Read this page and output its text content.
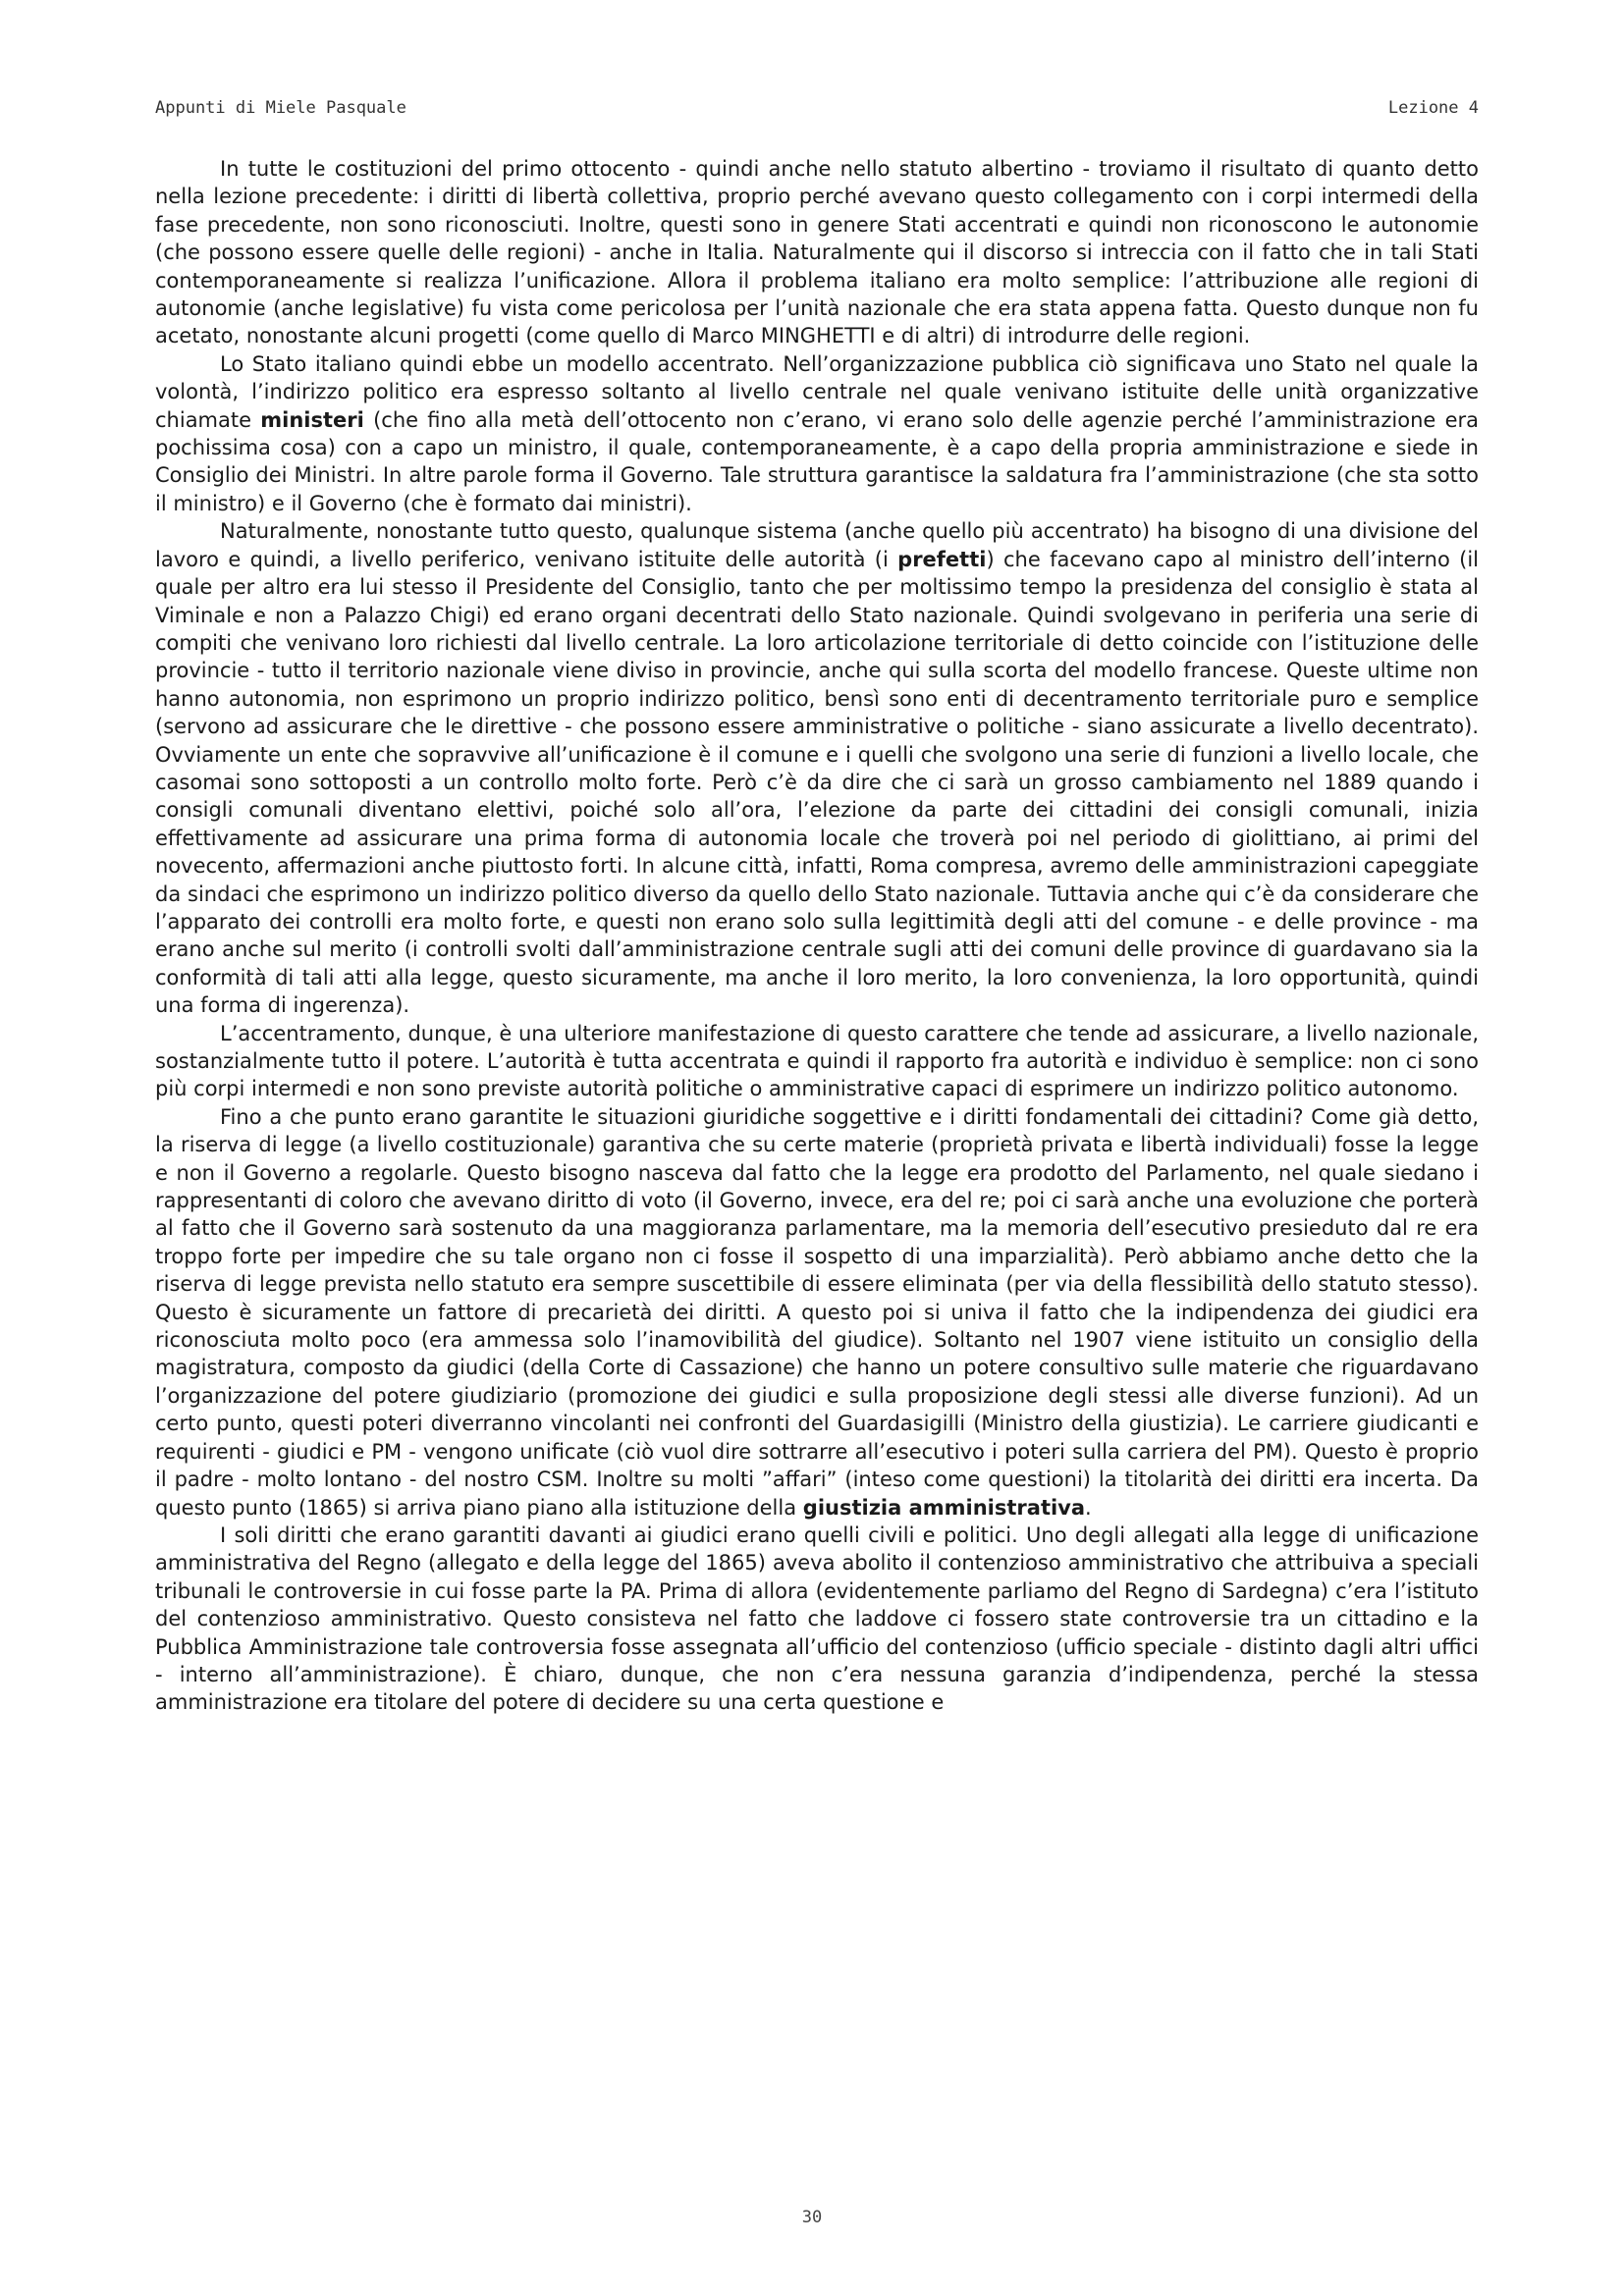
Appunti di Miele Pasquale	Lezione 4

In tutte le costituzioni del primo ottocento - quindi anche nello statuto albertino - troviamo il risultato di quanto detto nella lezione precedente: i diritti di libertà collettiva, proprio perché avevano questo collegamento con i corpi intermedi della fase precedente, non sono riconosciuti. Inoltre, questi sono in genere Stati accentrati e quindi non riconoscono le autonomie (che possono essere quelle delle regioni) - anche in Italia. Naturalmente qui il discorso si intreccia con il fatto che in tali Stati contemporaneamente si realizza l’unificazione. Allora il problema italiano era molto semplice: l’attribuzione alle regioni di autonomie (anche legislative) fu vista come pericolosa per l’unità nazionale che era stata appena fatta. Questo dunque non fu acetato, nonostante alcuni progetti (come quello di Marco MINGHETTI e di altri) di introdurre delle regioni.

Lo Stato italiano quindi ebbe un modello accentrato. Nell’organizzazione pubblica ciò significava uno Stato nel quale la volontà, l’indirizzo politico era espresso soltanto al livello centrale nel quale venivano istituite delle unità organizzative chiamate ministeri (che fino alla metà dell’ottocento non c’erano, vi erano solo delle agenzie perché l’amministrazione era pochissima cosa) con a capo un ministro, il quale, contemporaneamente, è a capo della propria amministrazione e siede in Consiglio dei Ministri. In altre parole forma il Governo. Tale struttura garantisce la saldatura fra l’amministrazione (che sta sotto il ministro) e il Governo (che è formato dai ministri).

Naturalmente, nonostante tutto questo, qualunque sistema (anche quello più accentrato) ha bisogno di una divisione del lavoro e quindi, a livello periferico, venivano istituite delle autorità (i prefetti) che facevano capo al ministro dell’interno (il quale per altro era lui stesso il Presidente del Consiglio, tanto che per moltissimo tempo la presidenza del consiglio è stata al Viminale e non a Palazzo Chigi) ed erano organi decentrati dello Stato nazionale. Quindi svolgevano in periferia una serie di compiti che venivano loro richiesti dal livello centrale. La loro articolazione territoriale di detto coincide con l’istituzione delle provincie - tutto il territorio nazionale viene diviso in provincie, anche qui sulla scorta del modello francese. Queste ultime non hanno autonomia, non esprimono un proprio indirizzo politico, bensì sono enti di decentramento territoriale puro e semplice (servono ad assicurare che le direttive - che possono essere amministrative o politiche - siano assicurate a livello decentrato). Ovviamente un ente che sopravvive all’unificazione è il comune e i quelli che svolgono una serie di funzioni a livello locale, che casomai sono sottoposti a un controllo molto forte. Però c’è da dire che ci sarà un grosso cambiamento nel 1889 quando i consigli comunali diventano elettivi, poiché solo all’ora, l’elezione da parte dei cittadini dei consigli comunali, inizia effettivamente ad assicurare una prima forma di autonomia locale che troverà poi nel periodo di giolittiano, ai primi del novecento, affermazioni anche piuttosto forti. In alcune città, infatti, Roma compresa, avremo delle amministrazioni capeggiate da sindaci che esprimono un indirizzo politico diverso da quello dello Stato nazionale. Tuttavia anche qui c’è da considerare che l’apparato dei controlli era molto forte, e questi non erano solo sulla legittimità degli atti del comune - e delle province - ma erano anche sul merito (i controlli svolti dall’amministrazione centrale sugli atti dei comuni delle province di guardavano sia la conformità di tali atti alla legge, questo sicuramente, ma anche il loro merito, la loro convenienza, la loro opportunità, quindi una forma di ingerenza).

L’accentramento, dunque, è una ulteriore manifestazione di questo carattere che tende ad assicurare, a livello nazionale, sostanzialmente tutto il potere. L’autorità è tutta accentrata e quindi il rapporto fra autorità e individuo è semplice: non ci sono più corpi intermedi e non sono previste autorità politiche o amministrative capaci di esprimere un indirizzo politico autonomo.

Fino a che punto erano garantite le situazioni giuridiche soggettive e i diritti fondamentali dei cittadini? Come già detto, la riserva di legge (a livello costituzionale) garantiva che su certe materie (proprietà privata e libertà individuali) fosse la legge e non il Governo a regolarle. Questo bisogno nasceva dal fatto che la legge era prodotto del Parlamento, nel quale siedano i rappresentanti di coloro che avevano diritto di voto (il Governo, invece, era del re; poi ci sarà anche una evoluzione che porterà al fatto che il Governo sarà sostenuto da una maggioranza parlamentare, ma la memoria dell’esecutivo presieduto dal re era troppo forte per impedire che su tale organo non ci fosse il sospetto di una imparzialità). Però abbiamo anche detto che la riserva di legge prevista nello statuto era sempre suscettibile di essere eliminata (per via della flessibilità dello statuto stesso). Questo è sicuramente un fattore di precarietà dei diritti. A questo poi si univa il fatto che la indipendenza dei giudici era riconosciuta molto poco (era ammessa solo l’inamovibilità del giudice). Soltanto nel 1907 viene istituito un consiglio della magistratura, composto da giudici (della Corte di Cassazione) che hanno un potere consultivo sulle materie che riguardavano l’organizzazione del potere giudiziario (promozione dei giudici e sulla proposizione degli stessi alle diverse funzioni). Ad un certo punto, questi poteri diverranno vincolanti nei confronti del Guardasigilli (Ministro della giustizia). Le carriere giudicanti e requirenti - giudici e PM - vengono unificate (ciò vuol dire sottrarre all’esecutivo i poteri sulla carriera del PM). Questo è proprio il padre - molto lontano - del nostro CSM. Inoltre su molti ”affari” (inteso come questioni) la titolarità dei diritti era incerta. Da questo punto (1865) si arriva piano piano alla istituzione della giustizia amministrativa.

I soli diritti che erano garantiti davanti ai giudici erano quelli civili e politici. Uno degli allegati alla legge di unificazione amministrativa del Regno (allegato e della legge del 1865) aveva abolito il contenzioso amministrativo che attribuiva a speciali tribunali le controversie in cui fosse parte la PA. Prima di allora (evidentemente parliamo del Regno di Sardegna) c’era l’istituto del contenzioso amministrativo. Questo consisteva nel fatto che laddove ci fossero state controversie tra un cittadino e la Pubblica Amministrazione tale controversia fosse assegnata all’ufficio del contenzioso (ufficio speciale - distinto dagli altri uffici - interno all’amministrazione). È chiaro, dunque, che non c’era nessuna garanzia d’indipendenza, perché la stessa amministrazione era titolare del potere di decidere su una certa questione e

30
